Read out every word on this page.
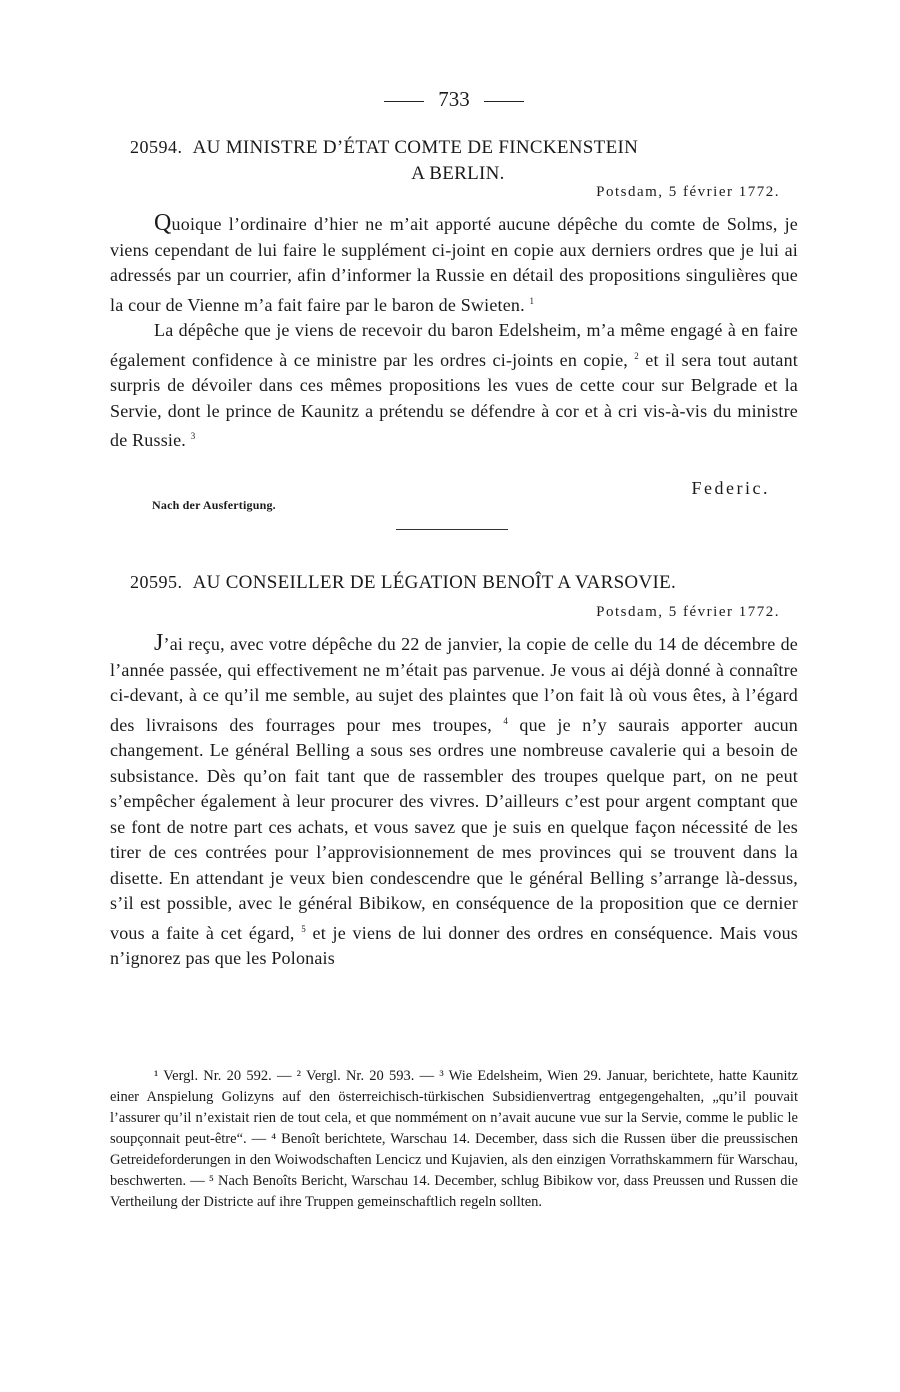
733
20594. AU MINISTRE D’ÉTAT COMTE DE FINCKENSTEIN
A BERLIN.
Potsdam, 5 février 1772.

Quoique l’ordinaire d’hier ne m’ait apporté aucune dépêche du comte de Solms, je viens cependant de lui faire le supplément ci-joint en copie aux derniers ordres que je lui ai adressés par un courrier, afin d’informer la Russie en détail des propositions singulières que la cour de Vienne m’a fait faire par le baron de Swieten. $^1$

La dépêche que je viens de recevoir du baron Edelsheim, m’a même engagé à en faire également confidence à ce ministre par les ordres ci-joints en copie, $^2$ et il sera tout autant surpris de dévoiler dans ces mêmes propositions les vues de cette cour sur Belgrade et la Servie, dont le prince de Kaunitz a prétendu se défendre à cor et à cri vis-à-vis du ministre de Russie. $^3$

Federic.
Nach der Ausfertigung.
20595. AU CONSEILLER DE LÉGATION BENOÎT A VARSOVIE.
Potsdam, 5 février 1772.

J’ai reçu, avec votre dépêche du 22 de janvier, la copie de celle du 14 de décembre de l’année passée, qui effectivement ne m’était pas parvenue. Je vous ai déjà donné à connaître ci-devant, à ce qu’il me semble, au sujet des plaintes que l’on fait là où vous êtes, à l’égard des livraisons des fourrages pour mes troupes, $^4$ que je n’y saurais apporter aucun changement. Le général Belling a sous ses ordres une nombreuse cavalerie qui a besoin de subsistance. Dès qu’on fait tant que de rassembler des troupes quelque part, on ne peut s’empêcher également à leur procurer des vivres. D’ailleurs c’est pour argent comptant que se font de notre part ces achats, et vous savez que je suis en quelque façon nécessité de les tirer de ces contrées pour l’approvisionnement de mes provinces qui se trouvent dans la disette. En attendant je veux bien condescendre que le général Belling s’arrange là-dessus, s’il est possible, avec le général Bibikow, en conséquence de la proposition que ce dernier vous a faite à cet égard, $^5$ et je viens de lui donner des ordres en conséquence. Mais vous n’ignorez pas que les Polonais

¹ Vergl. Nr. 20 592. — ² Vergl. Nr. 20 593. — ³ Wie Edelsheim, Wien 29. Januar, berichtete, hatte Kaunitz einer Anspielung Golizyns auf den österreichisch-türkischen Subsidienvertrag entgegengehalten, „qu’il pouvait l’assurer qu’il n’existait rien de tout cela, et que nommément on n’avait aucune vue sur la Servie, comme le public le soupçonnait peut-être“. — ⁴ Benoît berichtete, Warschau 14. December, dass sich die Russen über die preussischen Getreideforderungen in den Woiwodschaften Lencicz und Kujavien, als den einzigen Vorrathskammern für Warschau, beschwerten. — ⁵ Nach Benoîts Bericht, Warschau 14. December, schlug Bibikow vor, dass Preussen und Russen die Vertheilung der Districte auf ihre Truppen gemeinschaftlich regeln sollten.
